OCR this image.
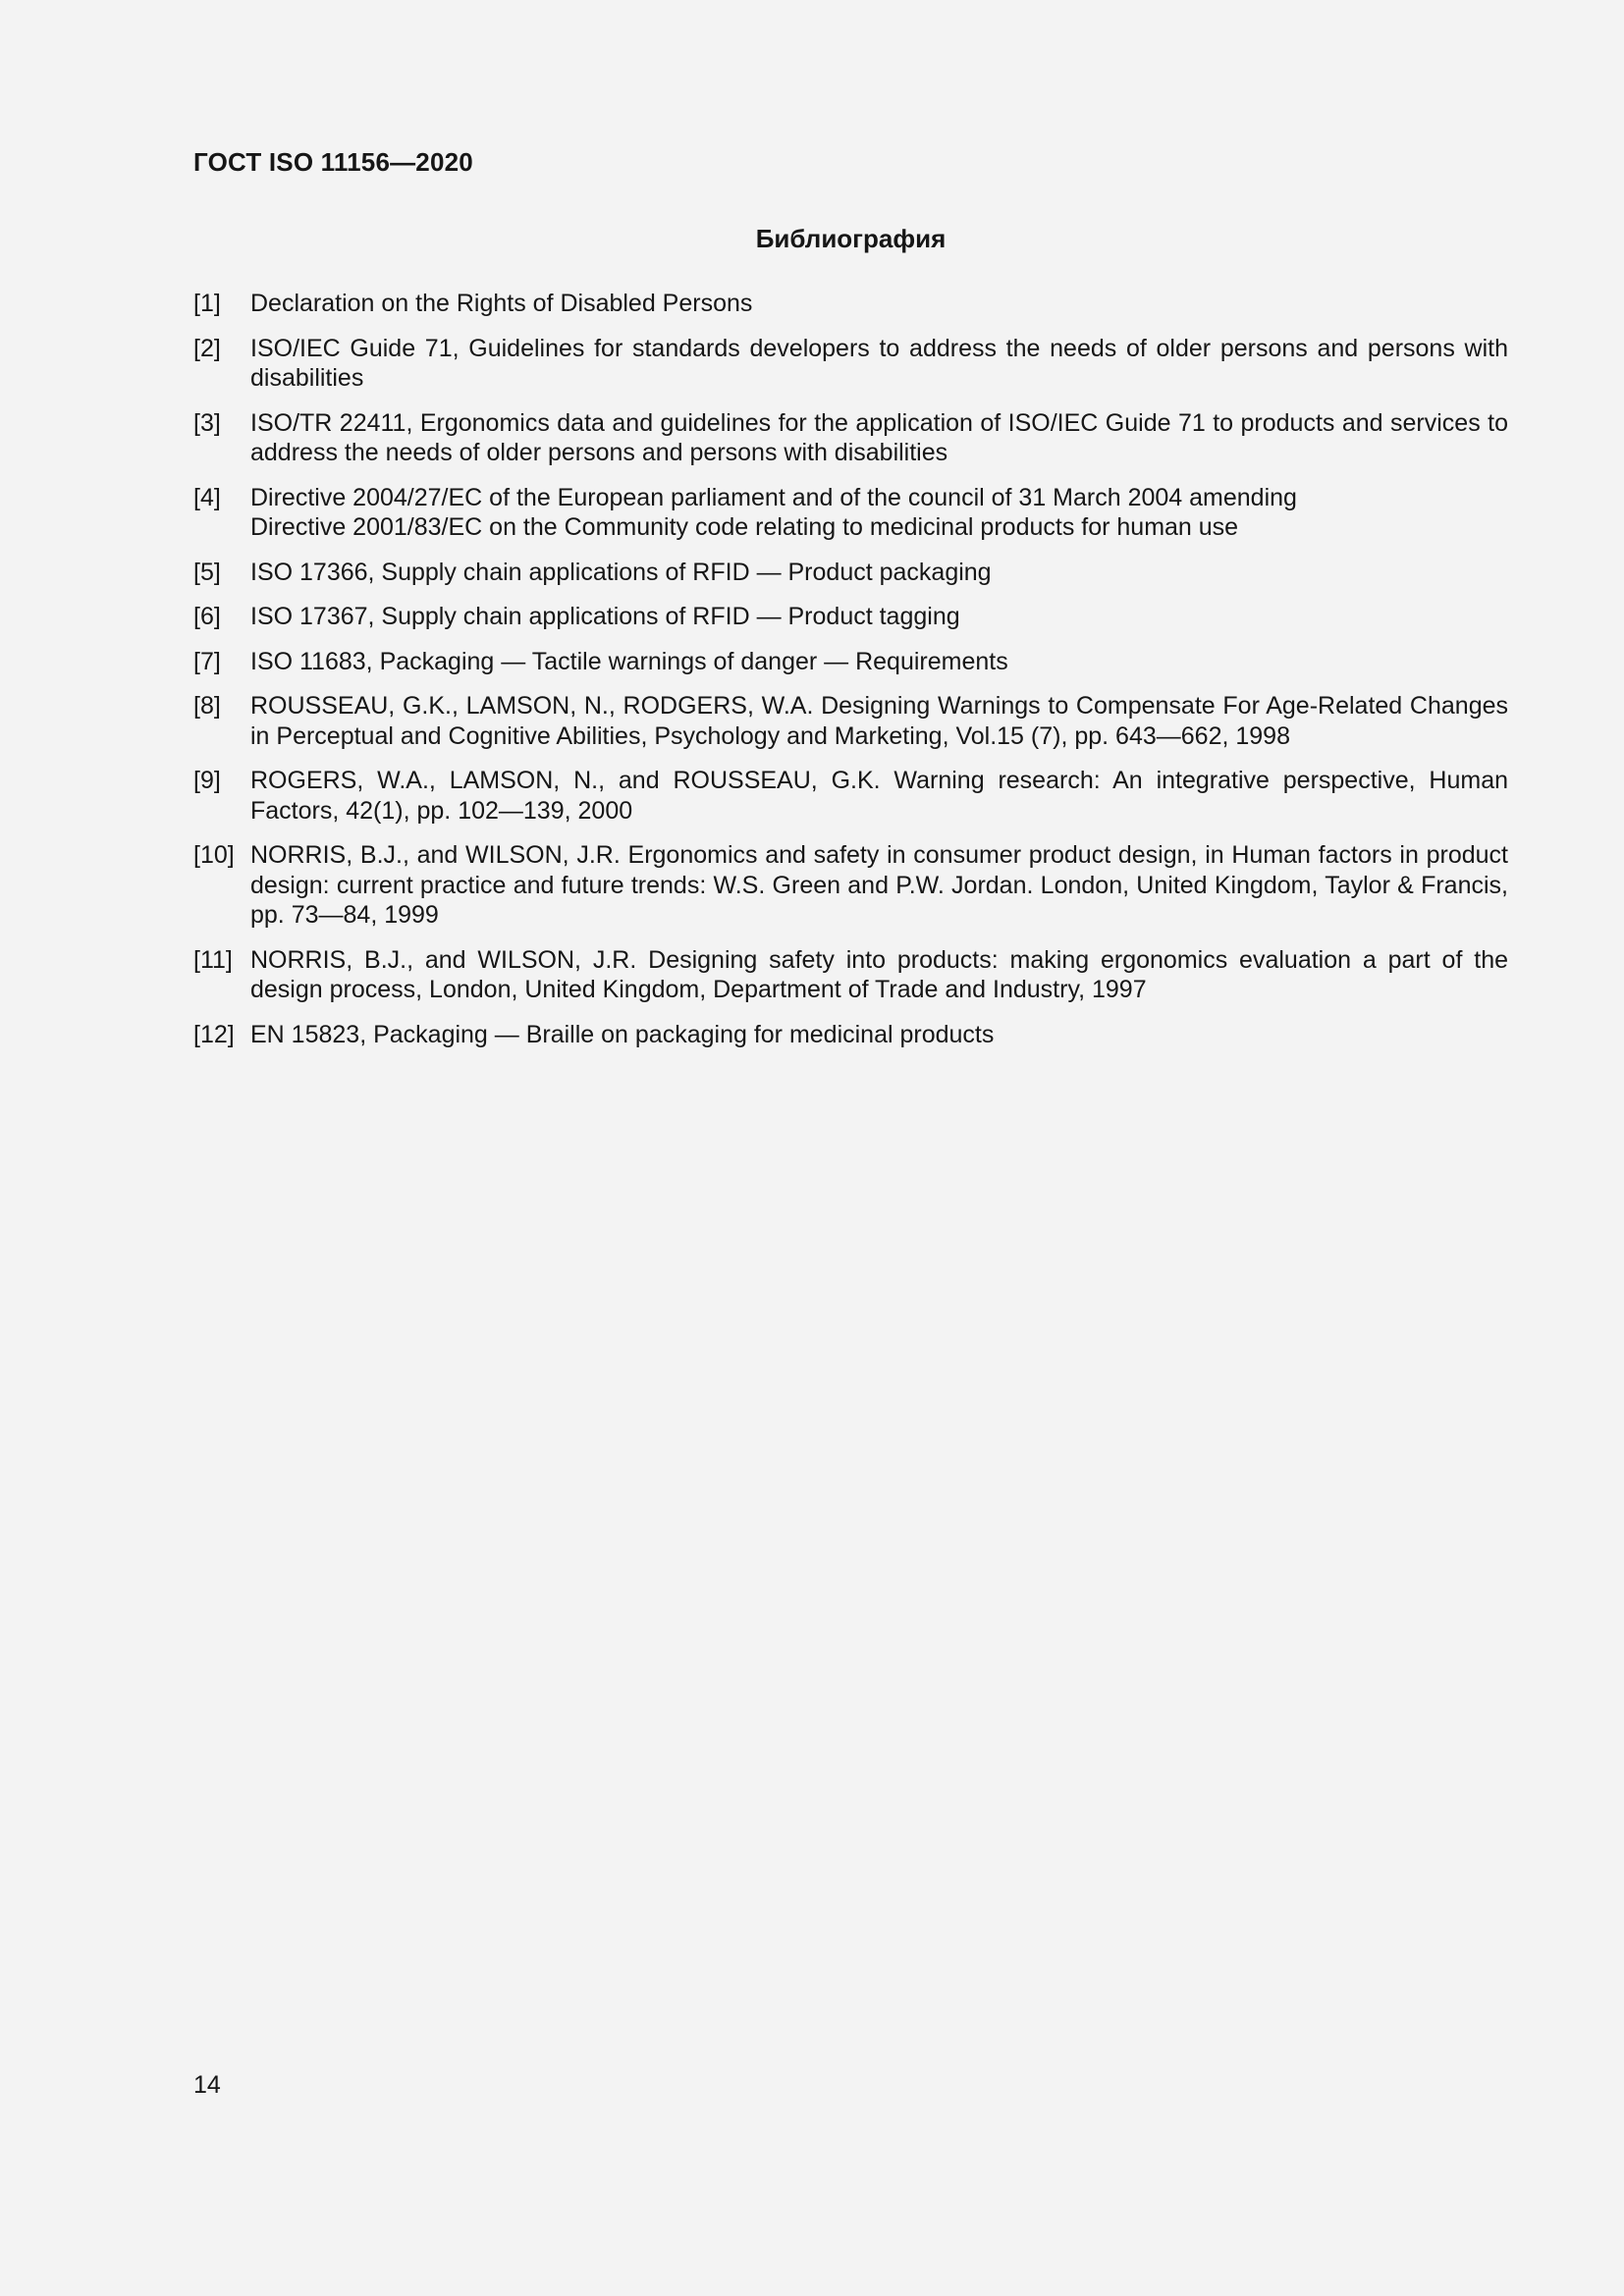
ГОСТ ISO 11156—2020
Библиография
[1]	Declaration on the Rights of Disabled Persons
[2]	ISO/IEC Guide 71, Guidelines for standards developers to address the needs of older persons and persons with disabilities
[3]	ISO/TR 22411, Ergonomics data and guidelines for the application of ISO/IEC Guide 71 to products and services to address the needs of older persons and persons with disabilities
[4]	Directive 2004/27/EC of the European parliament and of the council of 31 March 2004 amending
Directive 2001/83/EC on the Community code relating to medicinal products for human use
[5]	ISO 17366, Supply chain applications of RFID — Product packaging
[6]	ISO 17367, Supply chain applications of RFID — Product tagging
[7]	ISO 11683, Packaging — Tactile warnings of danger — Requirements
[8]	ROUSSEAU, G.K., LAMSON, N., RODGERS, W.A. Designing Warnings to Compensate For Age-Related Changes in Perceptual and Cognitive Abilities, Psychology and Marketing, Vol.15 (7), pp. 643—662, 1998
[9]	ROGERS, W.A., LAMSON, N., and ROUSSEAU, G.K. Warning research: An integrative perspective, Human Factors, 42(1), pp. 102—139, 2000
[10] NORRIS, B.J., and WILSON, J.R. Ergonomics and safety in consumer product design, in Human factors in product design: current practice and future trends: W.S. Green and P.W. Jordan. London, United Kingdom, Taylor & Francis, pp. 73—84, 1999
[11] NORRIS, B.J., and WILSON, J.R. Designing safety into products: making ergonomics evaluation a part of the design process, London, United Kingdom, Department of Trade and Industry, 1997
[12] EN 15823, Packaging — Braille on packaging for medicinal products
14
